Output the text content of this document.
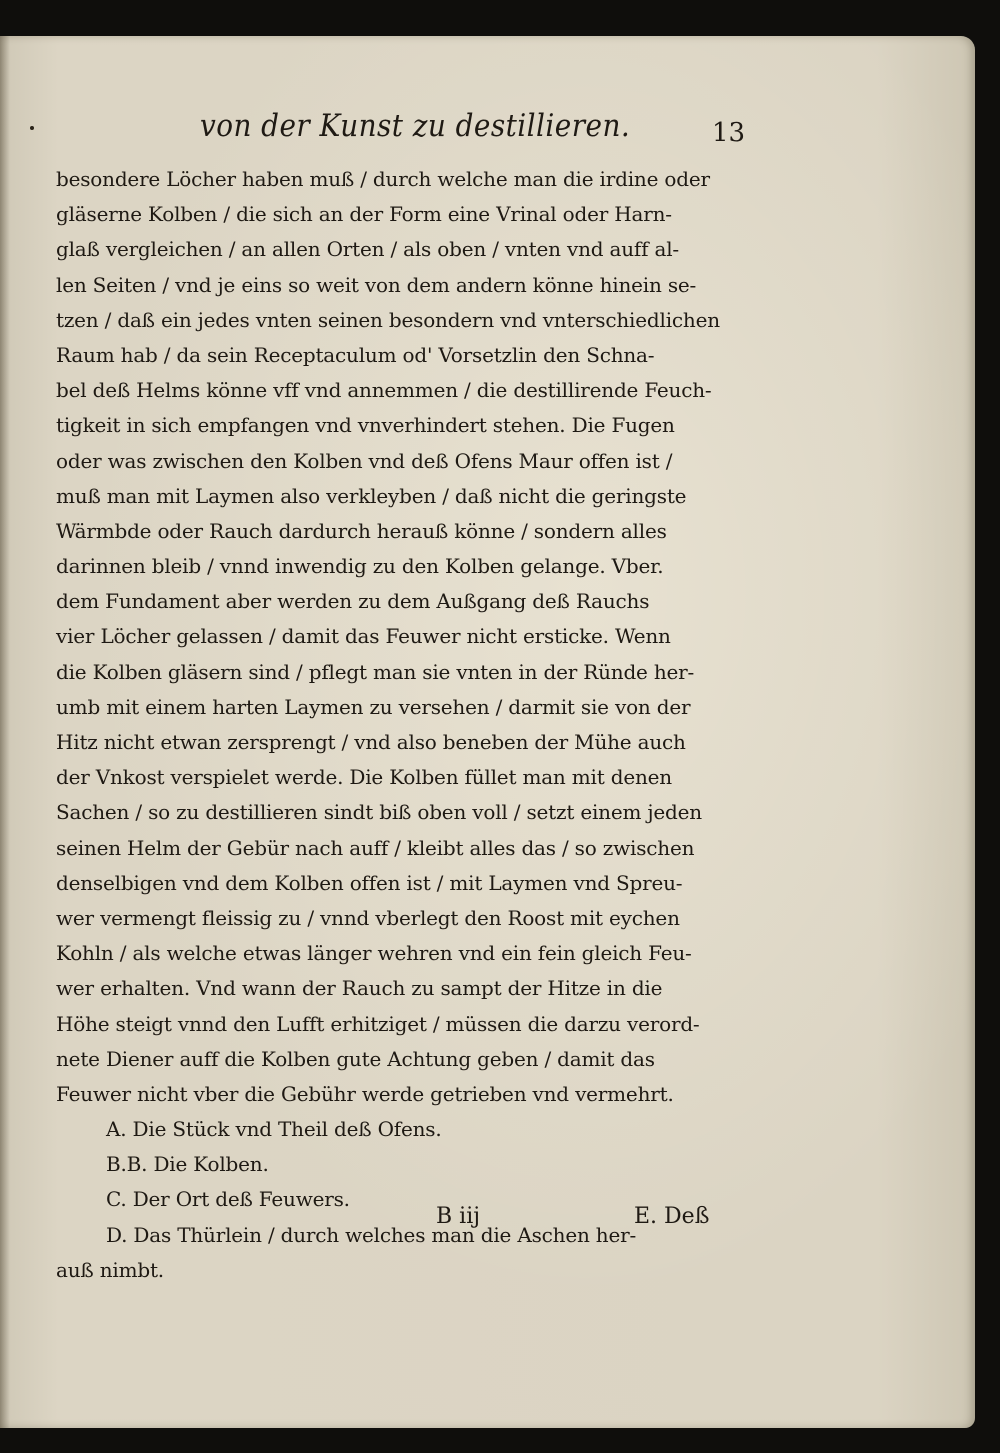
von der Kunst zu destillieren.	13
besondere Löcher haben muß / durch welche man die irdine oder
gläserne Kolben / die sich an der Form eine Vrinal oder Harn-
glaß vergleichen / an allen Orten / als oben / vnten vnd auff al-
len Seiten / vnd je eins so weit von dem andern könne hinein se-
tzen / daß ein jedes vnten seinen besondern vnd vnterschiedlichen
Raum hab / da sein Receptaculum od' Vorsetzlin den Schna-
bel deß Helms könne vff vnd annemmen / die destillirende Feuch-
tigkeit in sich empfangen vnd vnverhindert stehen. Die Fugen
oder was zwischen den Kolben vnd deß Ofens Maur offen ist /
muß man mit Laymen also verkleyben / daß nicht die geringste
Wärmbde oder Rauch dardurch herauß könne / sondern alles
darinnen bleib / vnnd inwendig zu den Kolben gelange. Vber.
dem Fundament aber werden zu dem Außgang deß Rauchs
vier Löcher gelassen / damit das Feuwer nicht ersticke. Wenn
die Kolben gläsern sind / pflegt man sie vnten in der Ründe her-
umb mit einem harten Laymen zu versehen / darmit sie von der
Hitz nicht etwan zersprengt / vnd also beneben der Mühe auch
der Vnkost verspielet werde. Die Kolben füllet man mit denen
Sachen / so zu destillieren sindt biß oben voll / setzt einem jeden
seinen Helm der Gebür nach auff / kleibt alles das / so zwischen
denselbigen vnd dem Kolben offen ist / mit Laymen vnd Spreu-
wer vermengt fleissig zu / vnnd vberlegt den Roost mit eychen
Kohln / als welche etwas länger wehren vnd ein fein gleich Feu-
wer erhalten. Vnd wann der Rauch zu sampt der Hitze in die
Höhe steigt vnnd den Lufft erhitziget / müssen die darzu verord-
nete Diener auff die Kolben gute Achtung geben / damit das
Feuwer nicht vber die Gebühr werde getrieben vnd vermehrt.
A. Die Stück vnd Theil deß Ofens.
B.B. Die Kolben.
C. Der Ort deß Feuwers.
D. Das Thürlein / durch welches man die Aschen her-
auß nimbt.
B iij	E. Deß
